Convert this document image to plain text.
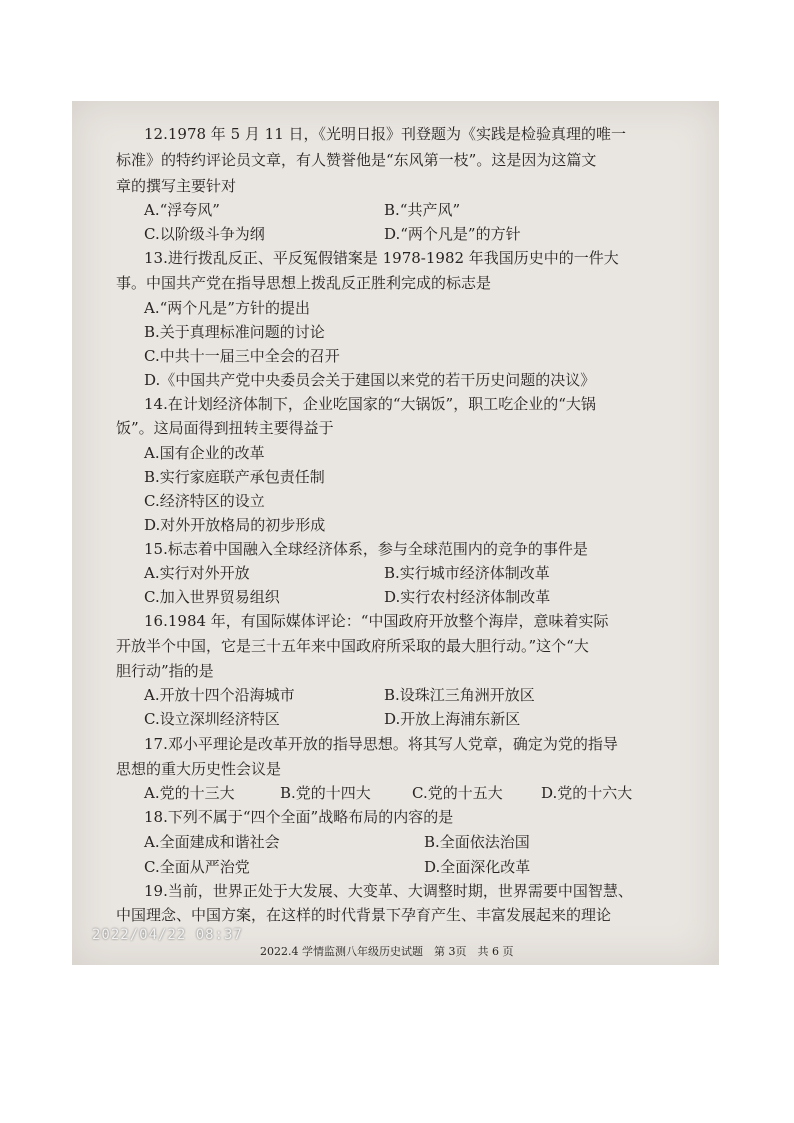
12.1978 年 5 月 11 日，《光明日报》刊登题为《实践是检验真理的唯一
标准》的特约评论员文章，有人赞誉他是“东风第一枝”。这是因为这篇文
章的撰写主要针对
A.“浮夸风”	B.“共产风”
C.以阶级斗争为纲	D.“两个凡是”的方针
13.进行拨乱反正、平反冤假错案是 1978-1982 年我国历史中的一件大
事。中国共产党在指导思想上拨乱反正胜利完成的标志是
A.“两个凡是”方针的提出
B.关于真理标准问题的讨论
C.中共十一届三中全会的召开
D.《中国共产党中央委员会关于建国以来党的若干历史问题的决议》
14.在计划经济体制下，企业吃国家的“大锅饭”，职工吃企业的“大锅
饭”。这局面得到扭转主要得益于
A.国有企业的改革
B.实行家庭联产承包责任制
C.经济特区的设立
D.对外开放格局的初步形成
15.标志着中国融入全球经济体系，参与全球范围内的竞争的事件是
A.实行对外开放	B.实行城市经济体制改革
C.加入世界贸易组织	D.实行农村经济体制改革
16.1984 年，有国际媒体评论：“中国政府开放整个海岸，意味着实际
开放半个中国，它是三十五年来中国政府所采取的最大胆行动。”这个“大
胆行动”指的是
A.开放十四个沿海城市	B.设珠江三角洲开放区
C.设立深圳经济特区	D.开放上海浦东新区
17.邓小平理论是改革开放的指导思想。将其写人党章，确定为党的指导
思想的重大历史性会议是
A.党的十三大	B.党的十四大	C.党的十五大	D.党的十六大
18.下列不属于“四个全面”战略布局的内容的是
A.全面建成和谐社会	B.全面依法治国
C.全面从严治党	D.全面深化改革
19.当前，世界正处于大发展、大变革、大调整时期，世界需要中国智慧、
中国理念、中国方案，在这样的时代背景下孕育产生、丰富发展起来的理论
2022/04/22 08:37
2022.4 学情监测八年级历史试题　第 3页　共 6 页
